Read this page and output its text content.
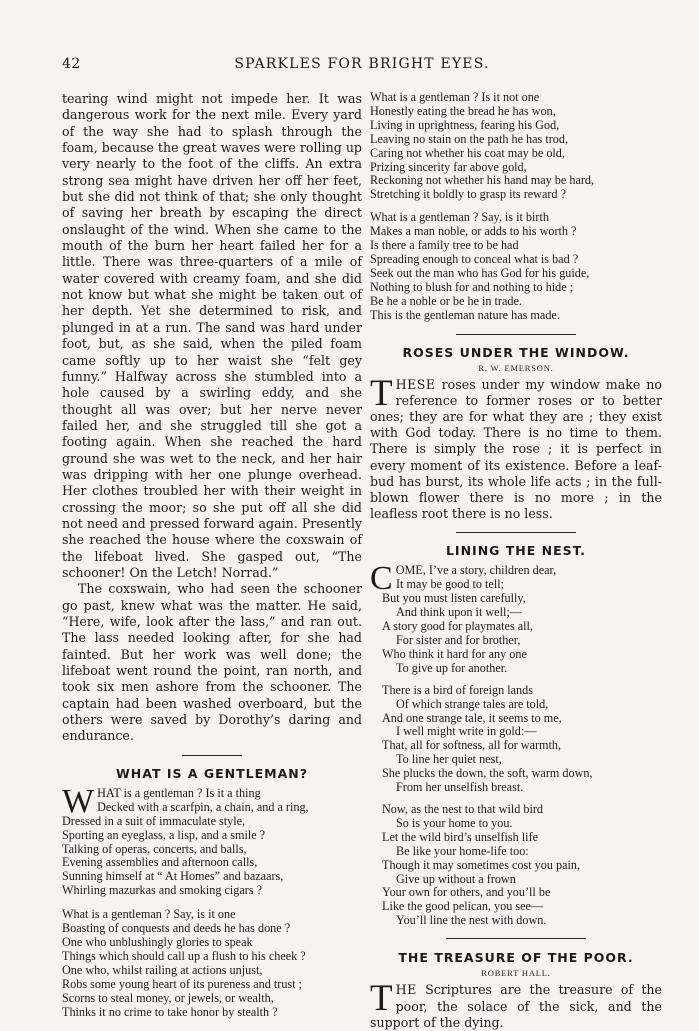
42	SPARKLES FOR BRIGHT EYES.

tearing wind might not impede her. It was dangerous work for the next mile. Every yard of the way she had to splash through the foam, because the great waves were rolling up very nearly to the foot of the cliffs. An extra strong sea might have driven her off her feet, but she did not think of that; she only thought of saving her breath by escaping the direct onslaught of the wind. When she came to the mouth of the burn her heart failed her for a little. There was three-quarters of a mile of water covered with creamy foam, and she did not know but what she might be taken out of her depth. Yet she determined to risk, and plunged in at a run. The sand was hard under foot, but, as she said, when the piled foam came softly up to her waist she “felt gey funny.” Halfway across she stumbled into a hole caused by a swirling eddy, and she thought all was over; but her nerve never failed her, and she struggled till she got a footing again. When she reached the hard ground she was wet to the neck, and her hair was dripping with her one plunge overhead. Her clothes troubled her with their weight in crossing the moor; so she put off all she did not need and pressed forward again. Presently she reached the house where the coxswain of the lifeboat lived. She gasped out, “The schooner! On the Letch! Norrad.”

The coxswain, who had seen the schooner go past, knew what was the matter. He said, “Here, wife, look after the lass,” and ran out. The lass needed looking after, for she had fainted. But her work was well done; the lifeboat went round the point, ran north, and took six men ashore from the schooner. The captain had been washed overboard, but the others were saved by Dorothy’s daring and endurance.

WHAT IS A GENTLEMAN?
W HAT is a gentleman ? Is it a thing
Decked with a scarfpin, a chain, and a ring,
Dressed in a suit of immaculate style,
Sporting an eyeglass, a lisp, and a smile ?
Talking of operas, concerts, and balls,
Evening assemblies and afternoon calls,
Sunning himself at “ At Homes” and bazaars,
Whirling mazurkas and smoking cigars ?
What is a gentleman ? Say, is it one
Boasting of conquests and deeds he has done ?
One who unblushingly glories to speak
Things which should call up a flush to his cheek ?
One who, whilst railing at actions unjust,
Robs some young heart of its pureness and trust ;
Scorns to steal money, or jewels, or wealth,
Thinks it no crime to take honor by stealth ?
What is a gentleman ? Is it not one
Honestly eating the bread he has won,
Living in uprightness, fearing his God,
Leaving no stain on the path he has trod,
Caring not whether his coat may be old,
Prizing sincerity far above gold,
Reckoning not whether his hand may be hard,
Stretching it boldly to grasp its reward ?
What is a gentleman ? Say, is it birth
Makes a man noble, or adds to his worth ?
Is there a family tree to be had
Spreading enough to conceal what is bad ?
Seek out the man who has God for his guide,
Nothing to blush for and nothing to hide ;
Be he a noble or be he in trade.
This is the gentleman nature has made.
ROSES UNDER THE WINDOW.
R. W. EMERSON.

THESE roses under my window make no reference to former roses or to better ones; they are for what they are ; they exist with God today. There is no time to them. There is simply the rose ; it is perfect in every moment of its existence. Before a leaf-bud has burst, its whole life acts ; in the full-blown flower there is no more ; in the leafless root there is no less.

LINING THE NEST.
C OME, I’ve a story, children dear,
It may be good to tell;
But you must listen carefully,
And think upon it well;—
A story good for playmates all,
For sister and for brother,
Who think it hard for any one
To give up for another.
There is a bird of foreign lands
Of which strange tales are told,
And one strange tale, it seems to me,
I well might write in gold:—
That, all for softness, all for warmth,
To line her quiet nest,
She plucks the down, the soft, warm down,
From her unselfish breast.
Now, as the nest to that wild bird
So is your home to you.
Let the wild bird’s unselfish life
Be like your home-life too:
Though it may sometimes cost you pain,
Give up without a frown
Your own for others, and you’ll be
Like the good pelican, you see—
You’ll line the nest with down.
THE TREASURE OF THE POOR.
ROBERT HALL.

THE Scriptures are the treasure of the poor, the solace of the sick, and the support of the dying.
